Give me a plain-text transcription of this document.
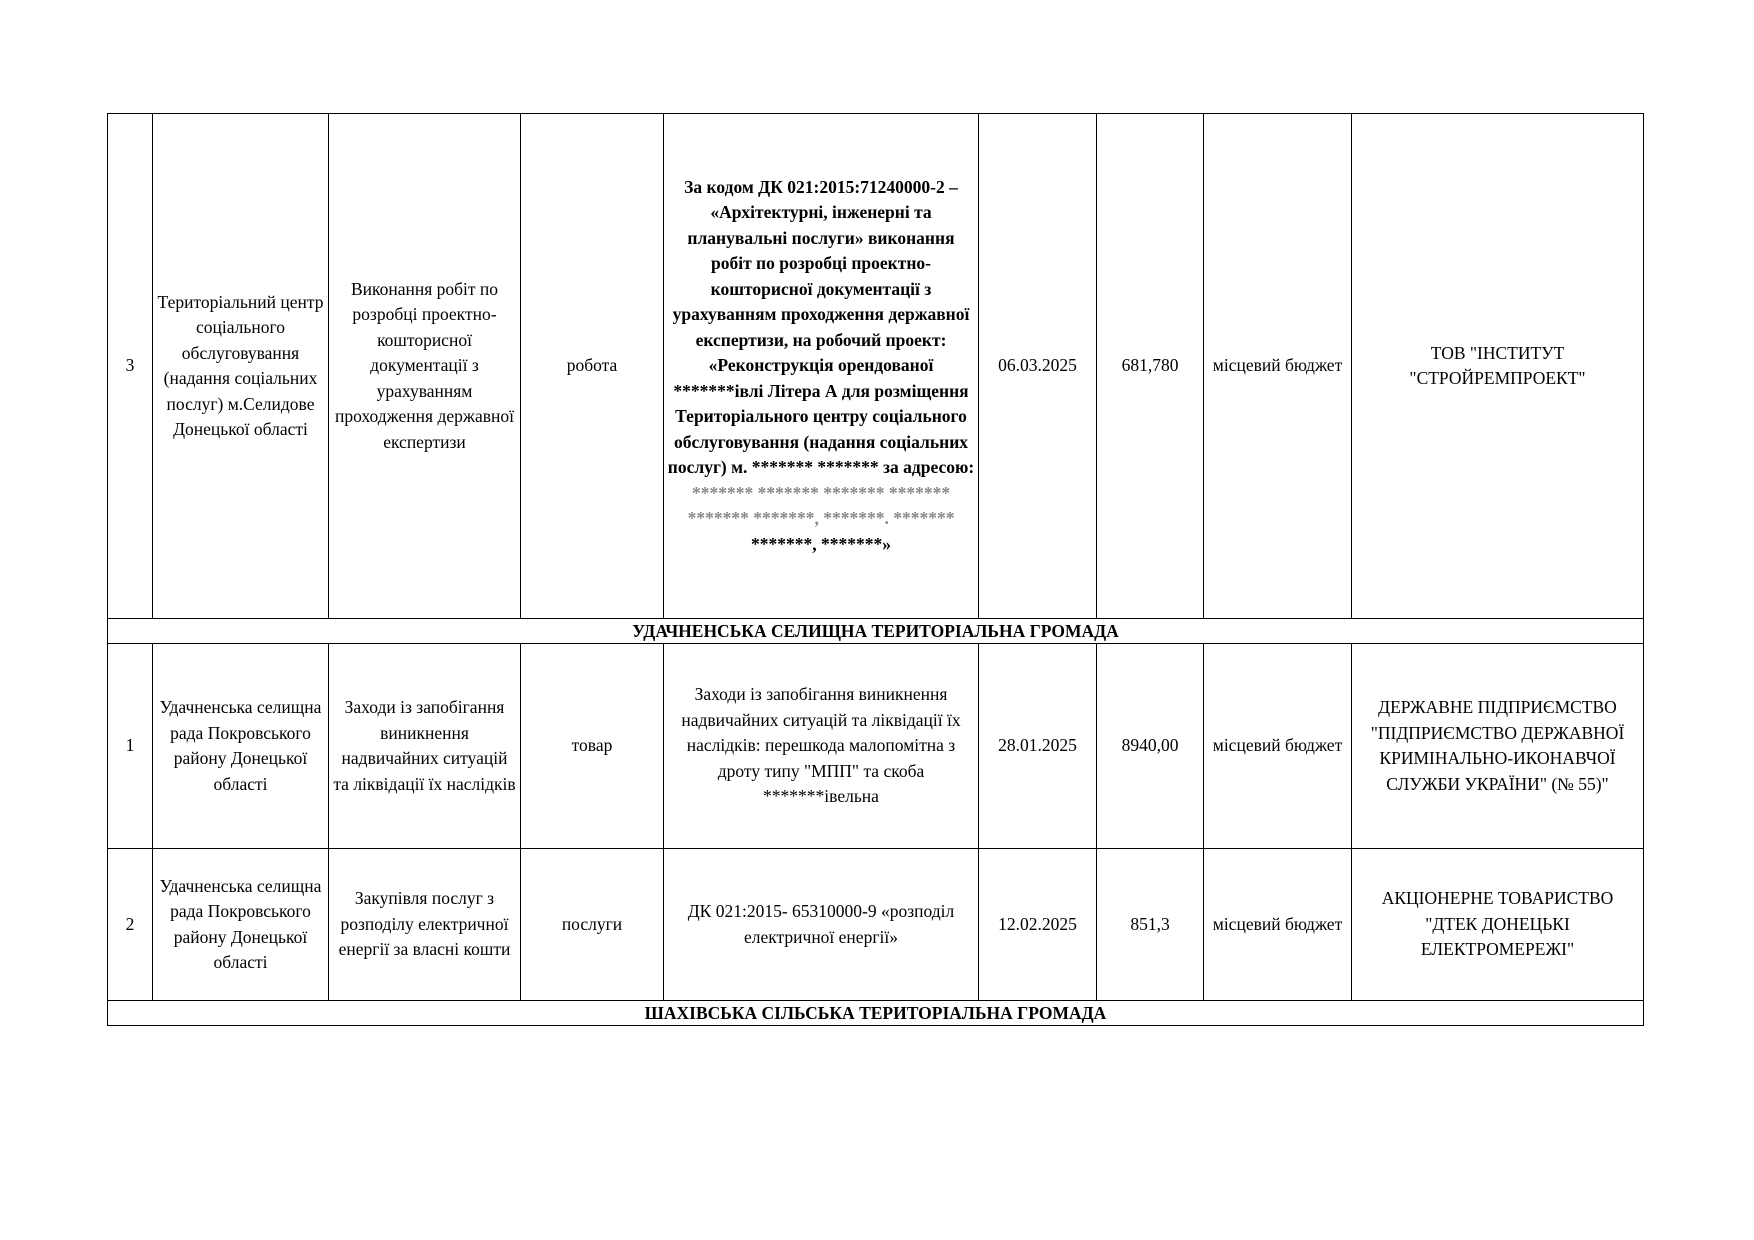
3	Територіальний центр соціального обслуговування (надання соціальних послуг) м.Селидове Донецької області	Виконання робіт по розробці проектно-кошторисної документації з урахуванням проходження державної експертизи	робота	За кодом ДК 021:2015:71240000-2 – «Архітектурні, інженерні та планувальні послуги» виконання робіт по розробці проектно-кошторисної документації з урахуванням проходження державної експертизи, на робочий проект: «Реконструкція орендованої *******івлі Літера А для розміщення Територіального центру соціального обслуговування (надання соціальних послуг) м. ******* ******* за адресою: ******* ******* ******* ******* ******* *******, *******. ******* *******, *******»	06.03.2025	681,780	місцевий бюджет	ТОВ "ІНСТИТУТ "СТРОЙРЕМПРОЕКТ"
УДАЧНЕНСЬКА СЕЛИЩНА ТЕРИТОРІАЛЬНА ГРОМАДА								
1	Удачненська селищна рада Покровського району Донецької області	Заходи із запобігання виникнення надвичайних ситуацій та ліквідації їх наслідків	товар	Заходи із запобігання виникнення надвичайних ситуацій та ліквідації їх наслідків: перешкода малопомітна з дроту типу "МПП" та скоба *******івельна	28.01.2025	8940,00	місцевий бюджет	ДЕРЖАВНЕ ПІДПРИЄМСТВО "ПІДПРИЄМСТВО ДЕРЖАВНОЇ КРИМІНАЛЬНО-ИКОНАВЧОЇ СЛУЖБИ УКРАЇНИ" (№ 55)"
2	Удачненська селищна рада Покровського району Донецької області	Закупівля послуг з розподілу електричної енергії за власні кошти	послуги	ДК 021:2015- 65310000-9 «розподіл електричної енергії»	12.02.2025	851,3	місцевий бюджет	АКЦІОНЕРНЕ ТОВАРИСТВО "ДТЕК ДОНЕЦЬКІ ЕЛЕКТРОМЕРЕЖІ"
ШАХІВСЬКА СІЛЬСЬКА ТЕРИТОРІАЛЬНА ГРОМАДА								
